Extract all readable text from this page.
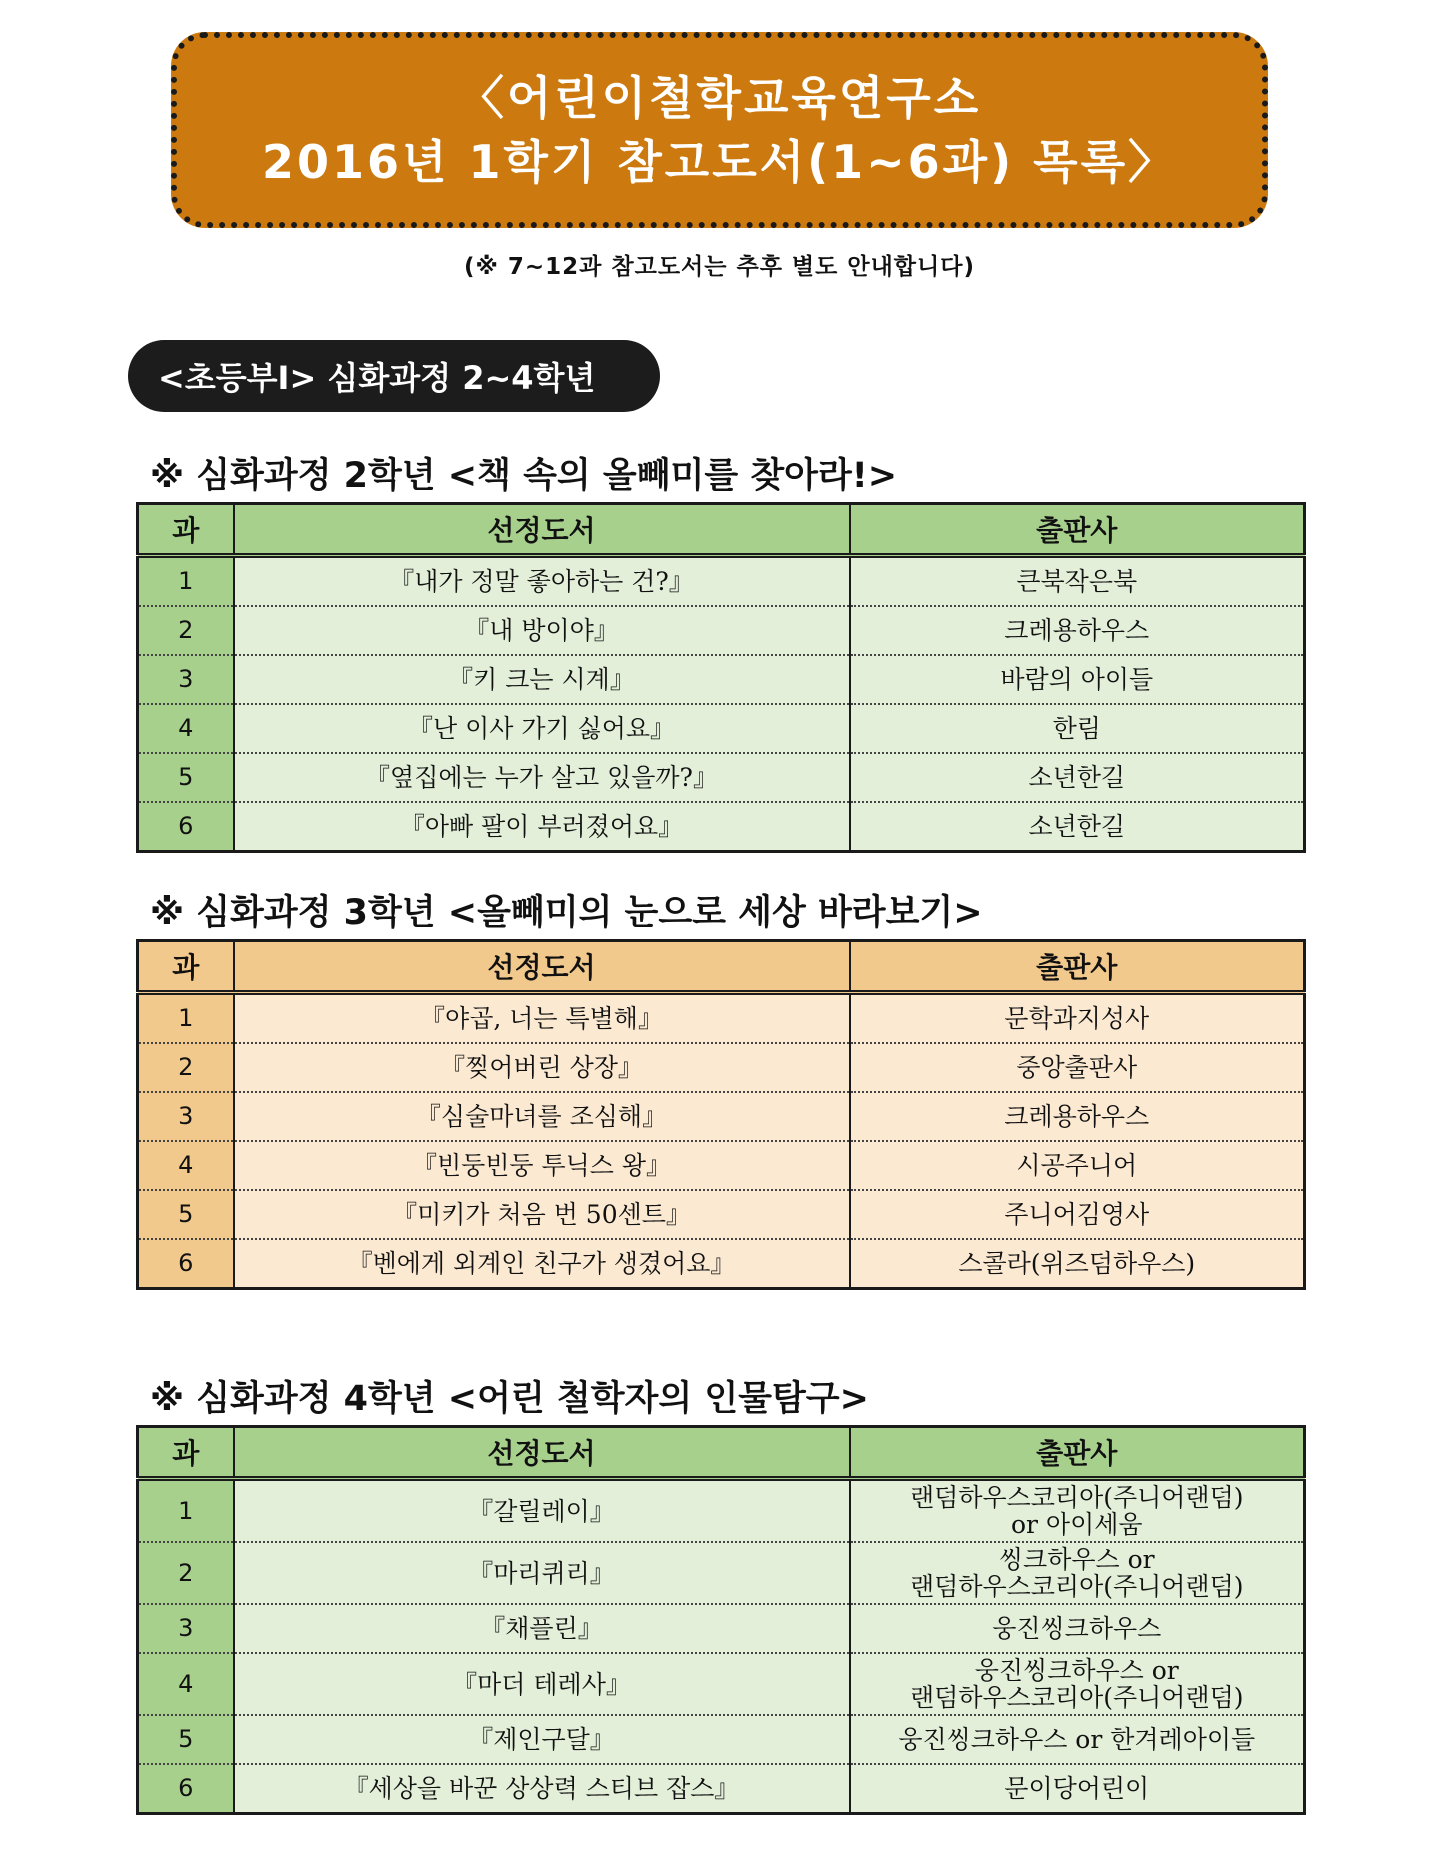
〈어린이철학교육연구소
2016년 1학기 참고도서(1~6과) 목록〉
(※ 7~12과 참고도서는 추후 별도 안내합니다)
<초등부Ⅰ> 심화과정 2~4학년
※ 심화과정 2학년 <책 속의 올빼미를 찾아라!>
과	선정도서	출판사
1	『내가 정말 좋아하는 건?』	큰북작은북
2	『내 방이야』	크레용하우스
3	『키 크는 시계』	바람의 아이들
4	『난 이사 가기 싫어요』	한림
5	『옆집에는 누가 살고 있을까?』	소년한길
6	『아빠 팔이 부러졌어요』	소년한길
※ 심화과정 3학년 <올빼미의 눈으로 세상 바라보기>
과	선정도서	출판사
1	『야곱, 너는 특별해』	문학과지성사
2	『찢어버린 상장』	중앙출판사
3	『심술마녀를 조심해』	크레용하우스
4	『빈둥빈둥 투닉스 왕』	시공주니어
5	『미키가 처음 번 50센트』	주니어김영사
6	『벤에게 외계인 친구가 생겼어요』	스콜라(위즈덤하우스)
※ 심화과정 4학년 <어린 철학자의 인물탐구>
과	선정도서	출판사
1	『갈릴레이』	랜덤하우스코리아(주니어랜덤)
or 아이세움

2	『마리퀴리』	씽크하우스 or
랜덤하우스코리아(주니어랜덤)

3	『채플린』	웅진씽크하우스
4	『마더 테레사』	웅진씽크하우스 or
랜덤하우스코리아(주니어랜덤)

5	『제인구달』	웅진씽크하우스 or 한겨레아이들
6	『세상을 바꾼 상상력 스티브 잡스』	문이당어린이
